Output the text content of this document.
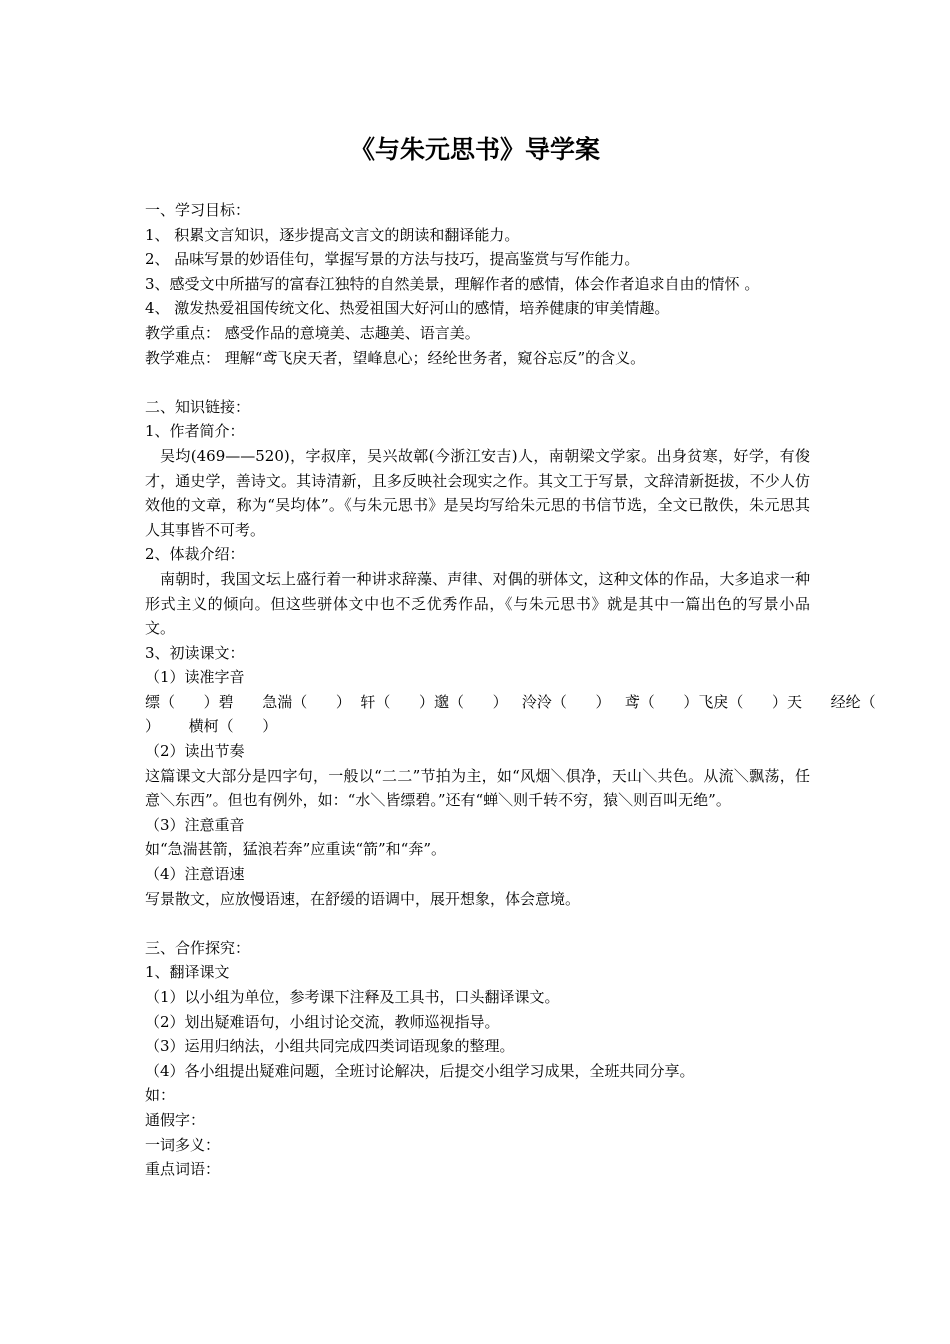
《与朱元思书》导学案
一、学习目标：
1、 积累文言知识，逐步提高文言文的朗读和翻译能力。
2、 品味写景的妙语佳句，掌握写景的方法与技巧，提高鉴赏与写作能力。
3、感受文中所描写的富春江独特的自然美景，理解作者的感情，体会作者追求自由的情怀 。
4、 激发热爱祖国传统文化、热爱祖国大好河山的感情，培养健康的审美情趣。
教学重点： 感受作品的意境美、志趣美、语言美。
教学难点： 理解“鸢飞戾天者，望峰息心；经纶世务者，窥谷忘反”的含义。
二、知识链接：
1、作者简介：
吴均(469——520)，字叔庠，吴兴故鄣(今浙江安吉)人，南朝梁文学家。出身贫寒，好学，有俊才，通史学，善诗文。其诗清新，且多反映社会现实之作。其文工于写景，文辞清新挺拔，不少人仿效他的文章，称为“吴均体”。《与朱元思书》是吴均写给朱元思的书信节选，全文已散佚，朱元思其人其事皆不可考。
2、体裁介绍：
南朝时，我国文坛上盛行着一种讲求辞藻、声律、对偶的骈体文，这种文体的作品，大多追求一种形式主义的倾向。但这些骈体文中也不乏优秀作品，《与朱元思书》就是其中一篇出色的写景小品文。
3、初读课文：
（1）读准字音
缥（      ）碧      急湍（      ）  轩（      ）邈（      ）   泠泠（      ）   鸢（      ）飞戾（      ）天      经纶（
）      横柯（      ）
（2）读出节奏
这篇课文大部分是四字句，一般以“二二”节拍为主，如“风烟＼俱净，天山＼共色。从流＼飘荡，任意＼东西”。但也有例外，如：“水＼皆缥碧。”还有“蝉＼则千转不穷，猿＼则百叫无绝”。
（3）注意重音
如“急湍甚箭，猛浪若奔”应重读“箭”和“奔”。
（4）注意语速
写景散文，应放慢语速，在舒缓的语调中，展开想象，体会意境。
三、合作探究：
1、翻译课文
（1）以小组为单位，参考课下注释及工具书，口头翻译课文。
（2）划出疑难语句，小组讨论交流，教师巡视指导。
（3）运用归纳法，小组共同完成四类词语现象的整理。
（4）各小组提出疑难问题，全班讨论解决，后提交小组学习成果，全班共同分享。
如：
通假字：
一词多义：
重点词语：
